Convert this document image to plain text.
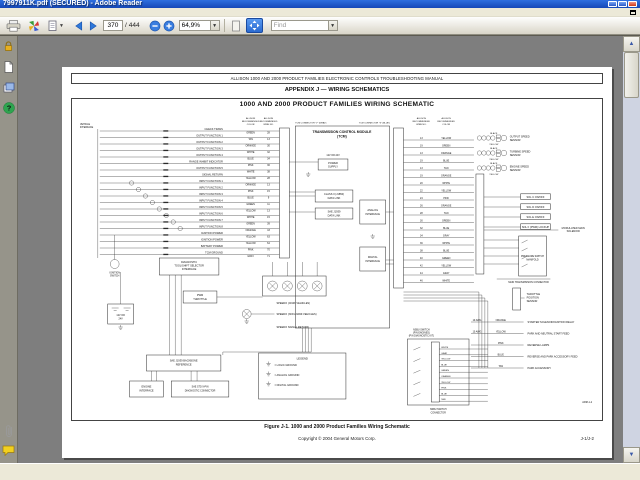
7997911K.pdf (SECURED) - Adobe Reader
▼
370	/ 444	64,9% ▼
Find	▼
?
ALLISON 1000 AND 2000 PRODUCT FAMILIES ELECTRONIC CONTROLS TROUBLESHOOTING MANUAL
APPENDIX J — WIRING SCHEMATICS
1000 AND 2000 PRODUCT FAMILIES WIRING SCHEMATIC
VEHICLE
INTERFACE
ALLISON
RECOMMENDED
COLOR
ALLISON
RECOMMENDED
WIRE NO.
CHECK TRANS
GREEN	28
OUTPUT FUNCTION 1
TAN	13
OUTPUT FUNCTION 2
ORANGE	30
OUTPUT FUNCTION 3
WHITE	32
OUTPUT FUNCTION 4
BLUE	34
RANGE INHIBIT INDICATOR
PINK	36
OUTPUT FUNCTION 5
WHITE	38
SIGNAL RETURN
YELLOW	28
INPUT FUNCTION 1
ORANGE	13
INPUT FUNCTION 2
PINK	15
INPUT FUNCTION 3
BLUE	9
INPUT FUNCTION 4
GREEN	11
INPUT FUNCTION 5
YELLOW	13
INPUT FUNCTION 6
WHITE	15
INPUT FUNCTION 7
GREEN	39
INPUT FUNCTION 8
ORANGE	43
IGNITION POWER
YELLOW	63
IGNITION POWER
YELLOW	64
BATTERY POWER
PINK	70
TCM GROUND
GRAY	71
TCM CONNECTOR "V" (GRAY)	TCM CONNECTOR "S" (BLUE)
TRANSMISSION CONTROL MODULE
(TCM)
12V OR 24V
POWER
SUPPLY
CLASS II (J1850)
DATA LINK
SAE J1939
DATA LINK
ANALOG
INTERFACE
DIGITAL
INTERFACE
ALLISON
RECOMMENDED
WIRE NO.
ALLISON
RECOMMENDED
COLOR
13	YELLOW
19	GREEN
13	ORANGE
19	BLUE
13	TAN
19	ORANGE
20	WHITE
22	YELLOW
24	PINK
26	ORANGE
28	TAN
30	GREEN
32	BLUE
34	GRAY
36	WHITE
38	BLUE
40	GREEN
42	YELLOW
44	GRAY
46	WHITE
BLACK
YELLOW
OUTPUT SPEED
SENSOR
BLACK
YELLOW
TURBINE SPEED
SENSOR
BLACK
YELLOW
ENGINE SPEED
SENSOR
SOL C ON/OFF
SOL D ON/OFF
SOL E ON/OFF
SOL F (PWM) LOCKUP	MODULATED MAIN
SOLENOID
PRESSURE SWITCH
MANIFOLD
MAIN TRANSMISSION CONNECTOR
THROTTLE
POSITION
SENSOR
10 AWG	ORANGE
STARTER SOLENOID/IGNITION RELAY
10 AWG	YELLOW
PARK AND NEUTRAL START FEED
PINK
REVERSE LAMPS
BLUE
REVERSE AND PARK ACCESSORY FEED
TAN
PARK ACCESSORY
NSBU SWITCH
(P/N ENGINES)
(P/N DIAGNOSTIC KIT)
NSBU SWITCH
CONNECTOR
WHITE
GRAY
YELLOW
BLUE
GREEN
ORANGE
YELLOW
PINK
BLUE
TAN
IGNITION
SWITCH
12V OR
24V
DIAGNOSTIC
TOOL/SHIFT SELECTOR
INTERFACE
PWM
THROTTLE
SPEEDO (J1939 VEHICLES)
SPEEDO (NON-J1939 VEHICLES)
SPEEDO SIGNAL RETURN
SAE J1939 BACKBONE
REFERENCE
ENGINE
INTERFACE
SAE STD 9-PIN
DIAGNOSTIC CONNECTOR
LEGEND
= LOGIC GROUND
= ANALOG GROUND
= DIGITAL GROUND
AF98-1-2
Figure J-1. 1000 and 2000 Product Families Wiring Schematic
Copyright © 2004 General Motors Corp.	J-1/J-2
▲
▼
